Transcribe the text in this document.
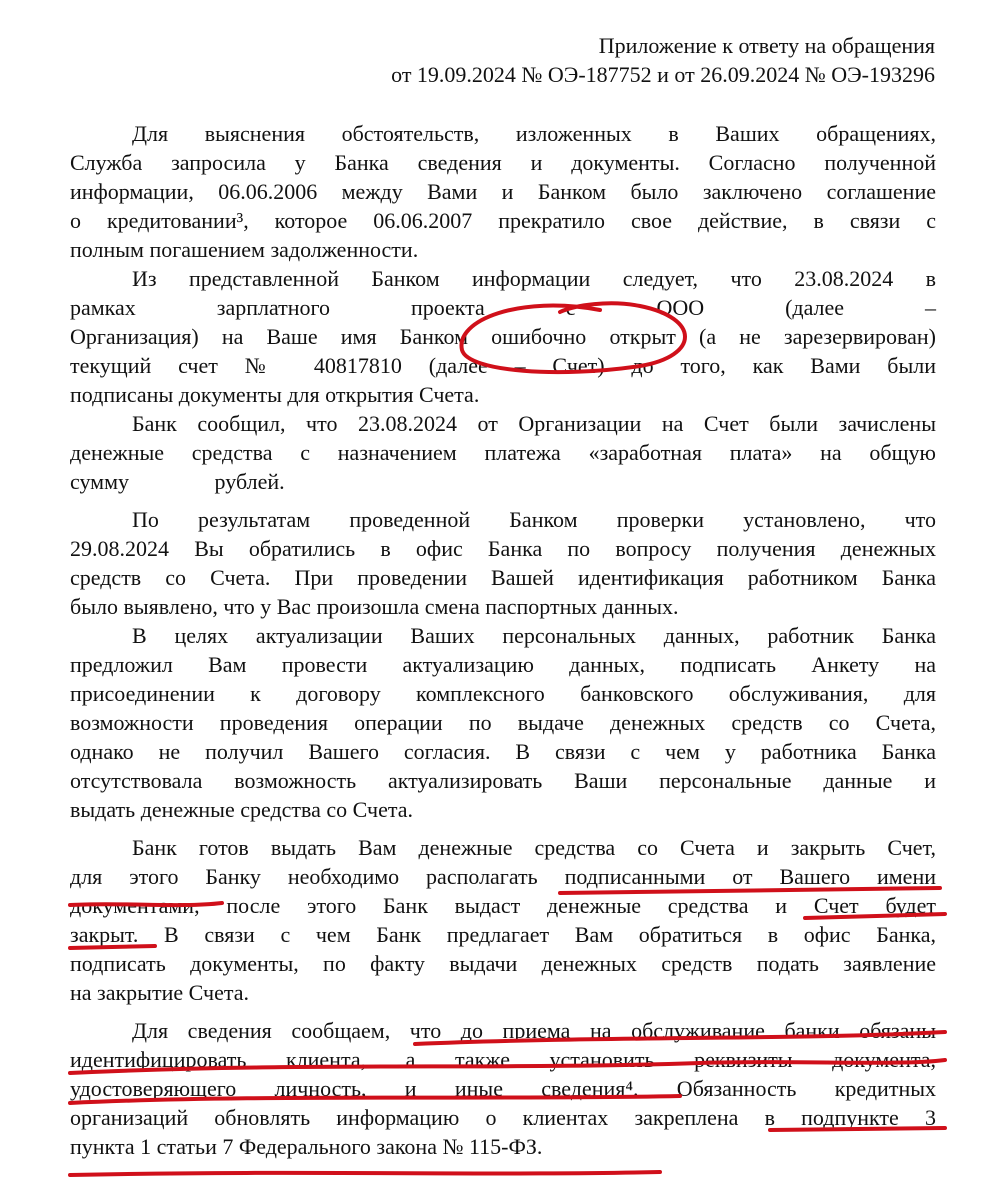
Приложение к ответу на обращения
от 19.09.2024 № ОЭ-187752 и от 26.09.2024 № ОЭ-193296
Для выяснения обстоятельств, изложенных в Ваших обращениях,
Служба запросила у Банка сведения и документы. Согласно полученной
информации, 06.06.2006 между Вами и Банком было заключено соглашение
о кредитовании³, которое 06.06.2007 прекратило свое действие, в связи с
полным погашением задолженности.
Из представленной Банком информации следует, что 23.08.2024 в
рамках зарплатного проекта с ООО (далее –
Организация) на Ваше имя Банком ошибочно открыт (а не зарезервирован)
текущий счет № 40817810 (далее – Счет) до того, как Вами были
подписаны документы для открытия Счета.
Банк сообщил, что 23.08.2024 от Организации на Счет были зачислены
денежные средства с назначением платежа «заработная плата» на общую
сумму рублей.
По результатам проведенной Банком проверки установлено, что
29.08.2024 Вы обратились в офис Банка по вопросу получения денежных
средств со Счета. При проведении Вашей идентификация работником Банка
было выявлено, что у Вас произошла смена паспортных данных.
В целях актуализации Ваших персональных данных, работник Банка
предложил Вам провести актуализацию данных, подписать Анкету на
присоединении к договору комплексного банковского обслуживания, для
возможности проведения операции по выдаче денежных средств со Счета,
однако не получил Вашего согласия. В связи с чем у работника Банка
отсутствовала возможность актуализировать Ваши персональные данные и
выдать денежные средства со Счета.
Банк готов выдать Вам денежные средства со Счета и закрыть Счет,
для этого Банку необходимо располагать подписанными от Вашего имени
документами, после этого Банк выдаст денежные средства и Счет будет
закрыт. В связи с чем Банк предлагает Вам обратиться в офис Банка,
подписать документы, по факту выдачи денежных средств подать заявление
на закрытие Счета.
Для сведения сообщаем, что до приема на обслуживание банки обязаны
идентифицировать клиента, а также установить реквизиты документа,
удостоверяющего личность, и иные сведения⁴. Обязанность кредитных
организаций обновлять информацию о клиентах закреплена в подпункте 3
пункта 1 статьи 7 Федерального закона № 115-ФЗ.
